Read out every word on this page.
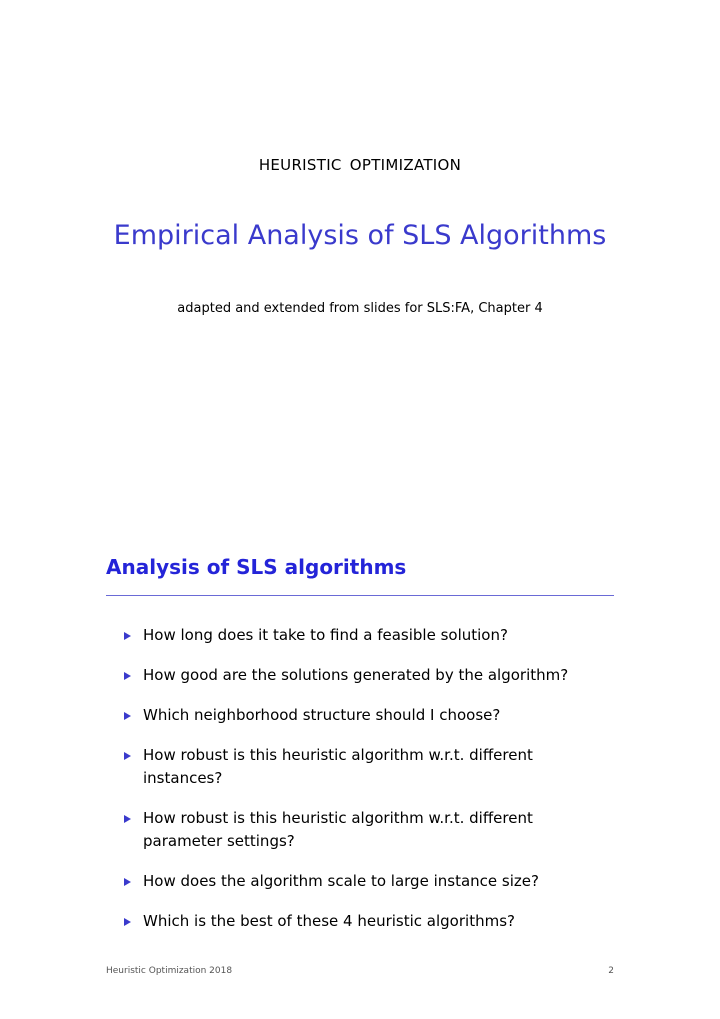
HEURISTIC OPTIMIZATION
Empirical Analysis of SLS Algorithms
adapted and extended from slides for SLS:FA, Chapter 4
Analysis of SLS algorithms
How long does it take to find a feasible solution?
How good are the solutions generated by the algorithm?
Which neighborhood structure should I choose?
How robust is this heuristic algorithm w.r.t. different instances?
How robust is this heuristic algorithm w.r.t. different parameter settings?
How does the algorithm scale to large instance size?
Which is the best of these 4 heuristic algorithms?
Heuristic Optimization 2018	2
